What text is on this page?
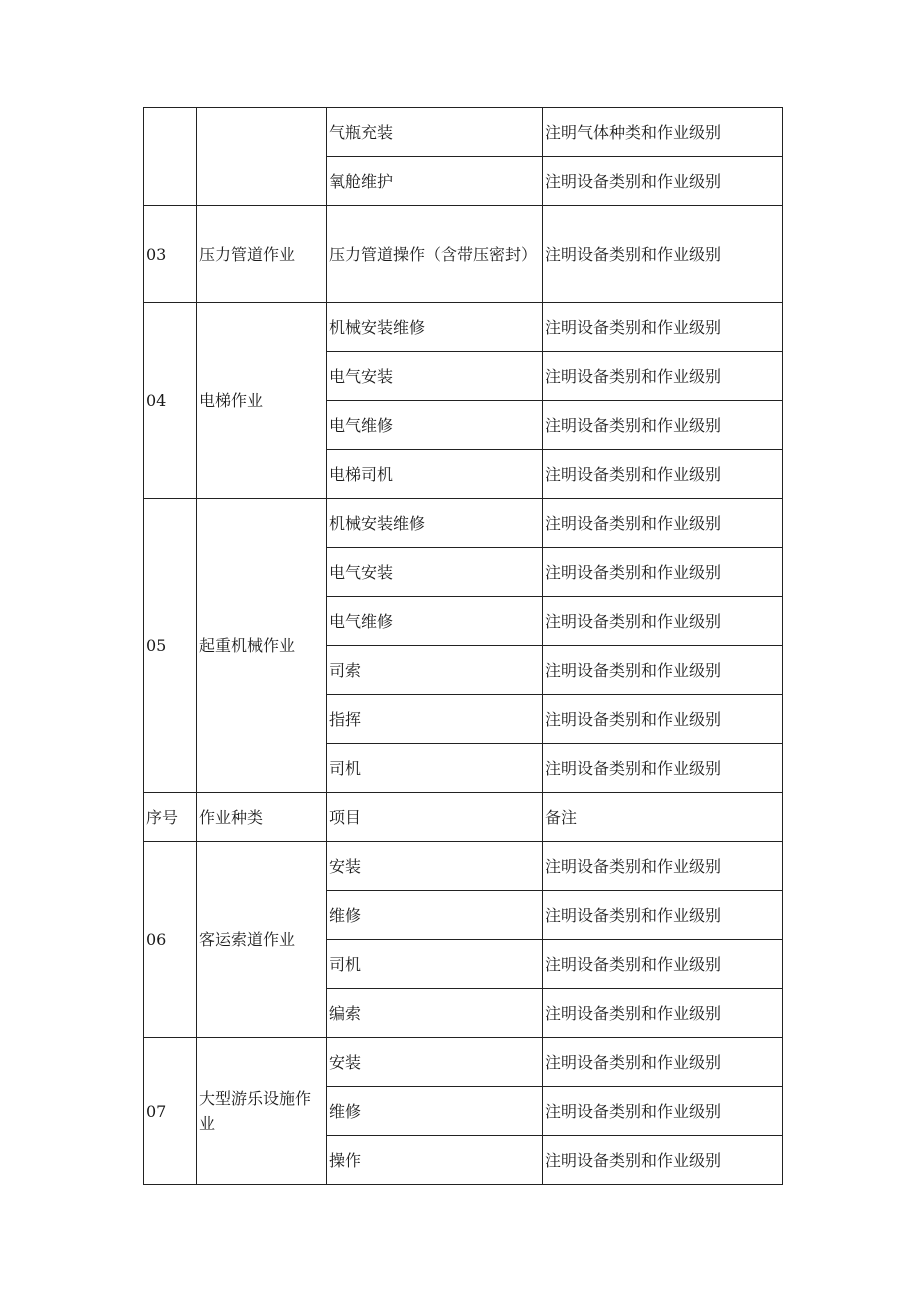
		气瓶充装	注明气体种类和作业级别
		氧舱维护	注明设备类别和作业级别
03	压力管道作业	压力管道操作（含带压密封）	注明设备类别和作业级别
04	电梯作业	机械安装维修	注明设备类别和作业级别
		电气安装	注明设备类别和作业级别
		电气维修	注明设备类别和作业级别
		电梯司机	注明设备类别和作业级别
05	起重机械作业	机械安装维修	注明设备类别和作业级别
		电气安装	注明设备类别和作业级别
		电气维修	注明设备类别和作业级别
		司索	注明设备类别和作业级别
		指挥	注明设备类别和作业级别
		司机	注明设备类别和作业级别
序号	作业种类	项目	备注
06	客运索道作业	安装	注明设备类别和作业级别
		维修	注明设备类别和作业级别
		司机	注明设备类别和作业级别
		编索	注明设备类别和作业级别
07	大型游乐设施作业	安装	注明设备类别和作业级别
		维修	注明设备类别和作业级别
		操作	注明设备类别和作业级别
